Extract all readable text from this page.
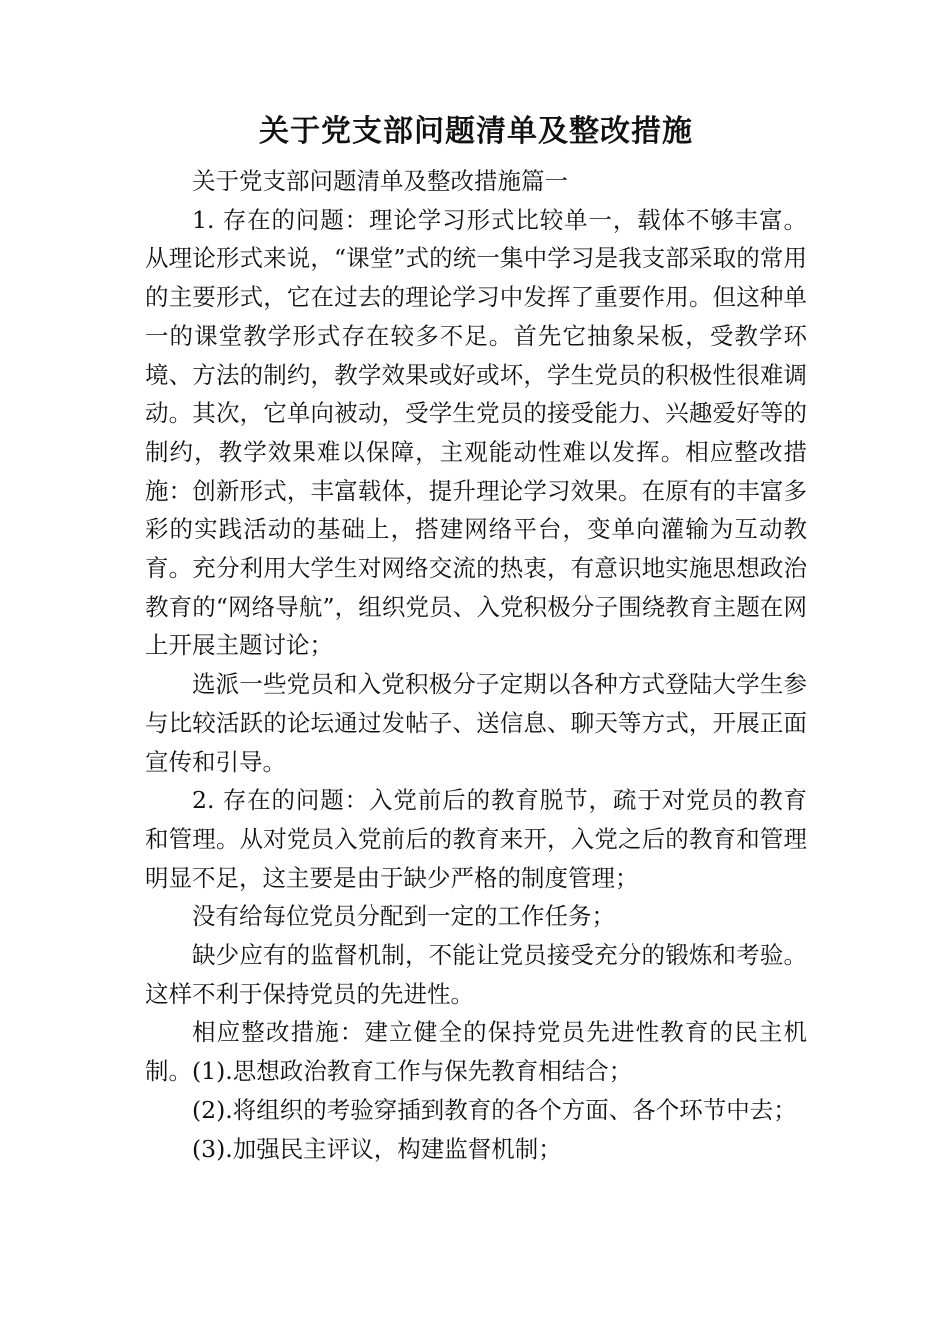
关于党支部问题清单及整改措施

关于党支部问题清单及整改措施篇一

1. 存在的问题：理论学习形式比较单一，载体不够丰富。从理论形式来说，“课堂”式的统一集中学习是我支部采取的常用的主要形式，它在过去的理论学习中发挥了重要作用。但这种单一的课堂教学形式存在较多不足。首先它抽象呆板，受教学环境、方法的制约，教学效果或好或坏，学生党员的积极性很难调动。其次，它单向被动，受学生党员的接受能力、兴趣爱好等的制约，教学效果难以保障，主观能动性难以发挥。相应整改措施：创新形式，丰富载体，提升理论学习效果。在原有的丰富多彩的实践活动的基础上，搭建网络平台，变单向灌输为互动教育。充分利用大学生对网络交流的热衷，有意识地实施思想政治教育的“网络导航”，组织党员、入党积极分子围绕教育主题在网上开展主题讨论；

选派一些党员和入党积极分子定期以各种方式登陆大学生参与比较活跃的论坛通过发帖子、送信息、聊天等方式，开展正面宣传和引导。

2. 存在的问题：入党前后的教育脱节，疏于对党员的教育和管理。从对党员入党前后的教育来开，入党之后的教育和管理明显不足，这主要是由于缺少严格的制度管理；

没有给每位党员分配到一定的工作任务；

缺少应有的监督机制，不能让党员接受充分的锻炼和考验。这样不利于保持党员的先进性。

相应整改措施：建立健全的保持党员先进性教育的民主机制。(1).思想政治教育工作与保先教育相结合；

(2).将组织的考验穿插到教育的各个方面、各个环节中去；

(3).加强民主评议，构建监督机制；
